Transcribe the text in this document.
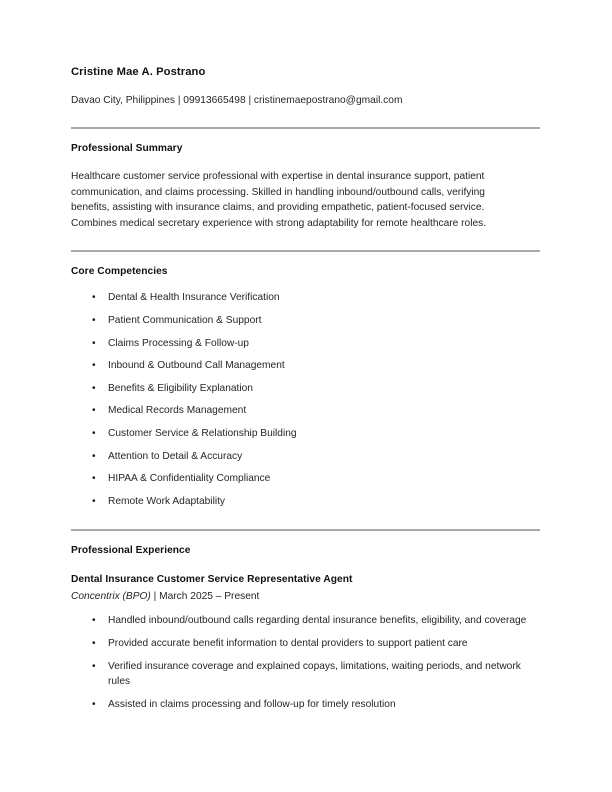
Cristine Mae A. Postrano
Davao City, Philippines | 09913665498 | cristinemaepostrano@gmail.com
Professional Summary

Healthcare customer service professional with expertise in dental insurance support, patient communication, and claims processing. Skilled in handling inbound/outbound calls, verifying benefits, assisting with insurance claims, and providing empathetic, patient-focused service. Combines medical secretary experience with strong adaptability for remote healthcare roles.

Core Competencies
•	Dental & Health Insurance Verification
•	Patient Communication & Support
•	Claims Processing & Follow-up
•	Inbound & Outbound Call Management
•	Benefits & Eligibility Explanation
•	Medical Records Management
•	Customer Service & Relationship Building
•	Attention to Detail & Accuracy
•	HIPAA & Confidentiality Compliance
•	Remote Work Adaptability
Professional Experience
Dental Insurance Customer Service Representative Agent
Concentrix (BPO) | March 2025 – Present
•	Handled inbound/outbound calls regarding dental insurance benefits, eligibility, and coverage
•	Provided accurate benefit information to dental providers to support patient care
•	Verified insurance coverage and explained copays, limitations, waiting periods, and network rules
•	Assisted in claims processing and follow-up for timely resolution
